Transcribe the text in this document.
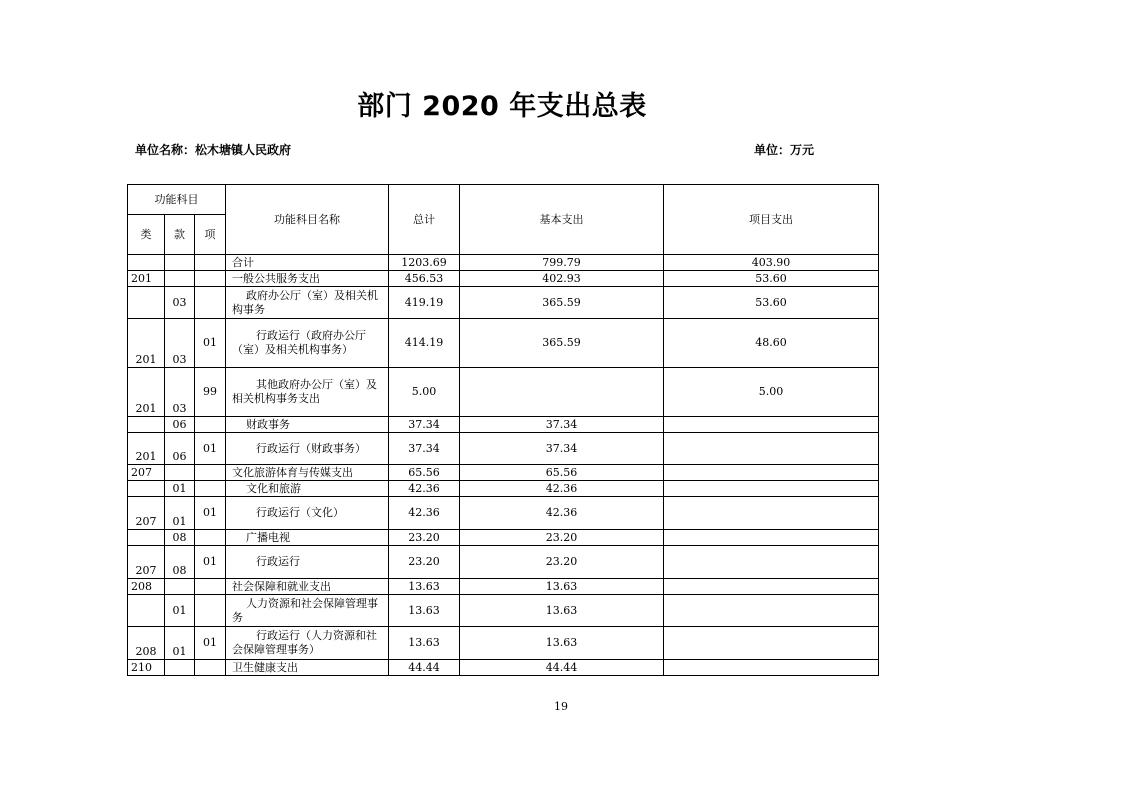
部门 2020 年支出总表
单位名称：松木塘镇人民政府	单位：万元
功能科目			功能科目名称	总计	基本支出	项目支出
类	款	项				
			合计	1203.69	799.79	403.90
201			一般公共服务支出	456.53	402.93	53.60
	03		政府办公厅（室）及相关机构事务	419.19	365.59	53.60
201	03	01	行政运行（政府办公厅（室）及相关机构事务）	414.19	365.59	48.60
201	03	99	其他政府办公厅（室）及相关机构事务支出	5.00		5.00
	06		财政事务	37.34	37.34	
201	06	01	行政运行（财政事务）	37.34	37.34	
207			文化旅游体育与传媒支出	65.56	65.56	
	01		文化和旅游	42.36	42.36	
207	01	01	行政运行（文化）	42.36	42.36	
	08		广播电视	23.20	23.20	
207	08	01	行政运行	23.20	23.20	
208			社会保障和就业支出	13.63	13.63	
	01		人力资源和社会保障管理事务	13.63	13.63	
208	01	01	行政运行（人力资源和社会保障管理事务）	13.63	13.63	
210			卫生健康支出	44.44	44.44	
19
